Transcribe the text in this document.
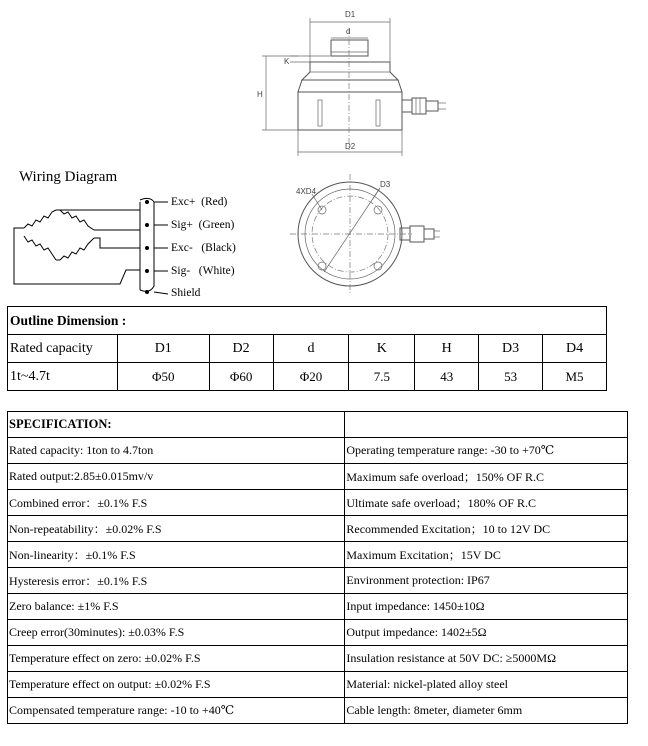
D1
d
K
H
D2
4XD4
D3
Wiring Diagram
Exc+ (Red)
Sig+ (Green)
Exc- (Black)
Sig- (White)
Shield
Outline Dimension :							
Rated capacity	D1	D2	d	K	H	D3	D4
1t~4.7t	Φ50	Φ60	Φ20	7.5	43	53	M5
SPECIFICATION:	
Rated capacity: 1ton to 4.7ton	Operating temperature range: -30 to +70℃
Rated output:2.85±0.015mv/v	Maximum safe overload；150% OF R.C
Combined error：±0.1% F.S	Ultimate safe overload；180% OF R.C
Non-repeatability：±0.02% F.S	Recommended Excitation；10 to 12V DC
Non-linearity：±0.1% F.S	Maximum Excitation；15V DC
Hysteresis error：±0.1% F.S	Environment protection: IP67
Zero balance: ±1% F.S	Input impedance: 1450±10Ω
Creep error(30minutes): ±0.03% F.S	Output impedance: 1402±5Ω
Temperature effect on zero: ±0.02% F.S	Insulation resistance at 50V DC: ≥5000MΩ
Temperature effect on output: ±0.02% F.S	Material: nickel-plated alloy steel
Compensated temperature range: -10 to +40℃	Cable length: 8meter, diameter 6mm
